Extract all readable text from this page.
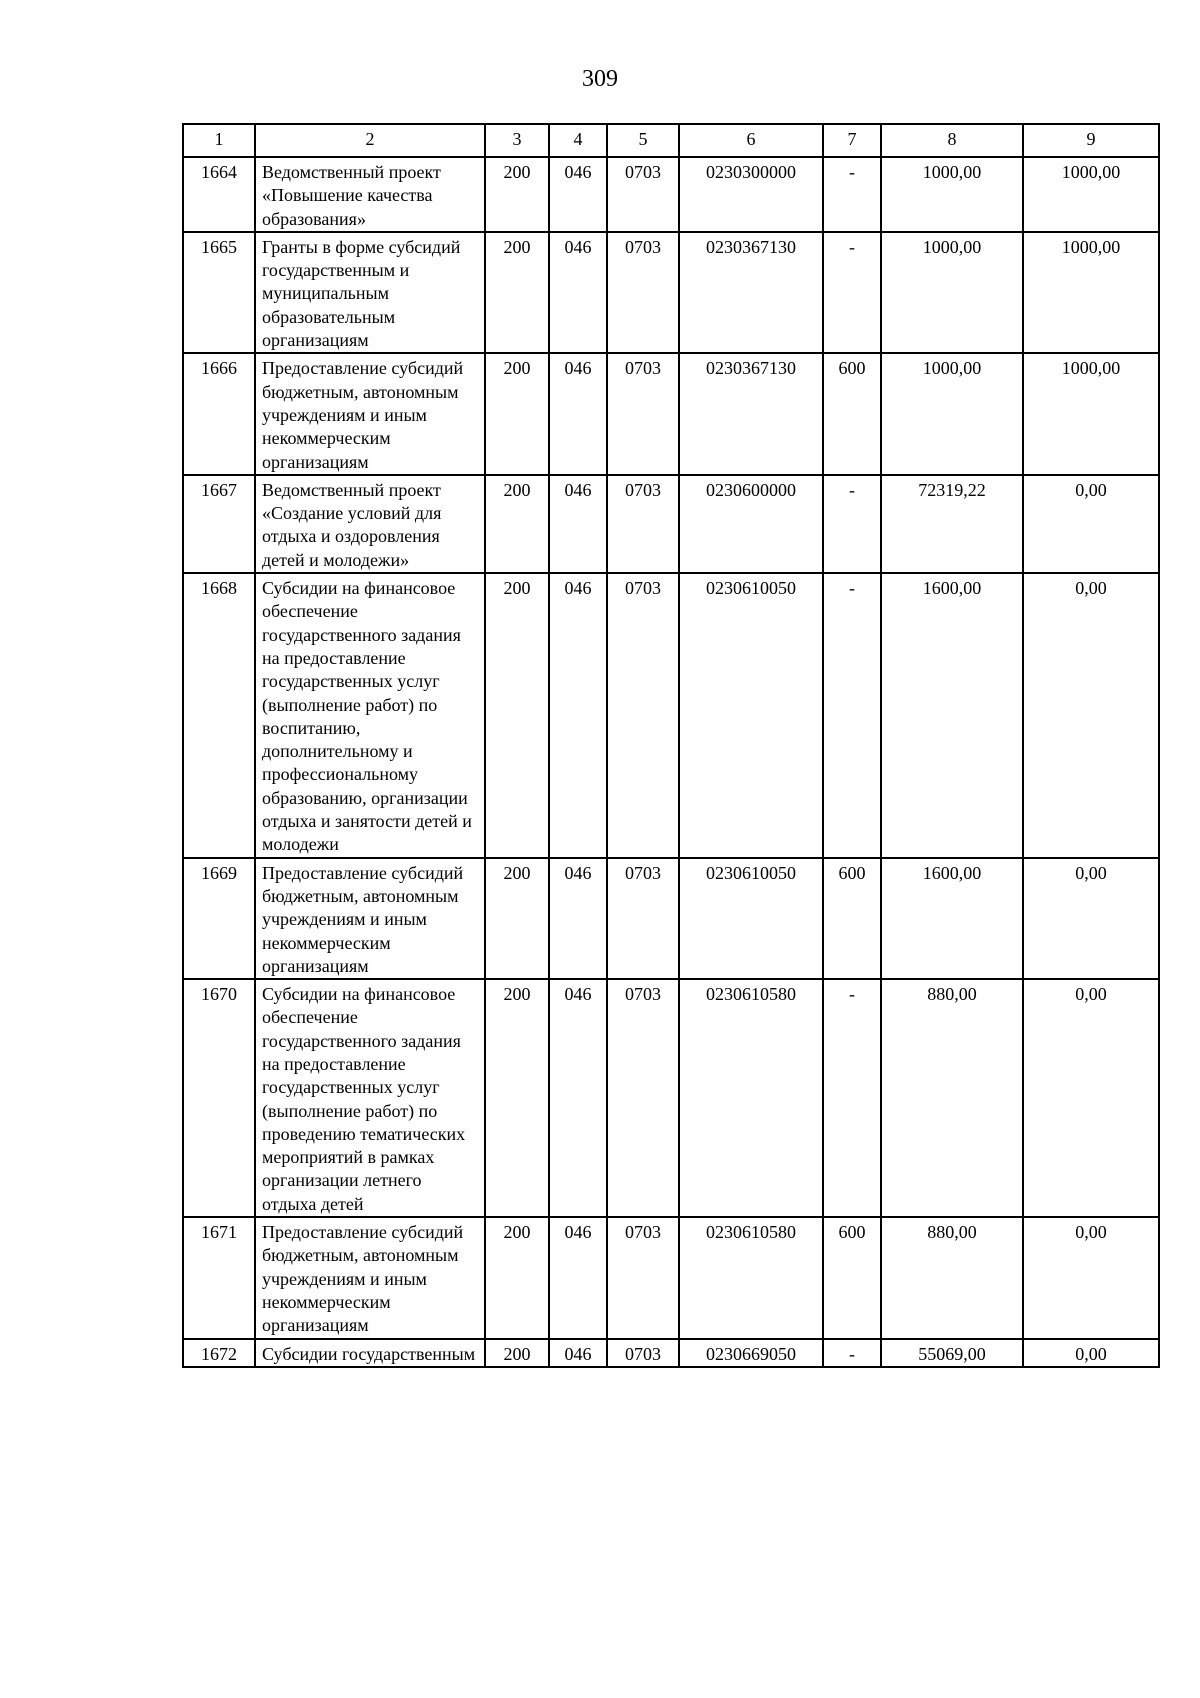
309
1	2	3	4	5	6	7	8	9
1664	Ведомственный проект «Повышение качества образования»	200	046	0703	0230300000	-	1000,00	1000,00
1665	Гранты в форме субсидий государственным и муниципальным образовательным организациям	200	046	0703	0230367130	-	1000,00	1000,00
1666	Предоставление субсидий бюджетным, автономным учреждениям и иным некоммерческим организациям	200	046	0703	0230367130	600	1000,00	1000,00
1667	Ведомственный проект «Создание условий для отдыха и оздоровления детей и молодежи»	200	046	0703	0230600000	-	72319,22	0,00
1668	Субсидии на финансовое обеспечение государственного задания на предоставление государственных услуг (выполнение работ) по воспитанию, дополнительному и профессиональному образованию, организации отдыха и занятости детей и молодежи	200	046	0703	0230610050	-	1600,00	0,00
1669	Предоставление субсидий бюджетным, автономным учреждениям и иным некоммерческим организациям	200	046	0703	0230610050	600	1600,00	0,00
1670	Субсидии на финансовое обеспечение государственного задания на предоставление государственных услуг (выполнение работ) по проведению тематических мероприятий в рамках организации летнего отдыха детей	200	046	0703	0230610580	-	880,00	0,00
1671	Предоставление субсидий бюджетным, автономным учреждениям и иным некоммерческим организациям	200	046	0703	0230610580	600	880,00	0,00
1672	Субсидии государственным	200	046	0703	0230669050	-	55069,00	0,00
